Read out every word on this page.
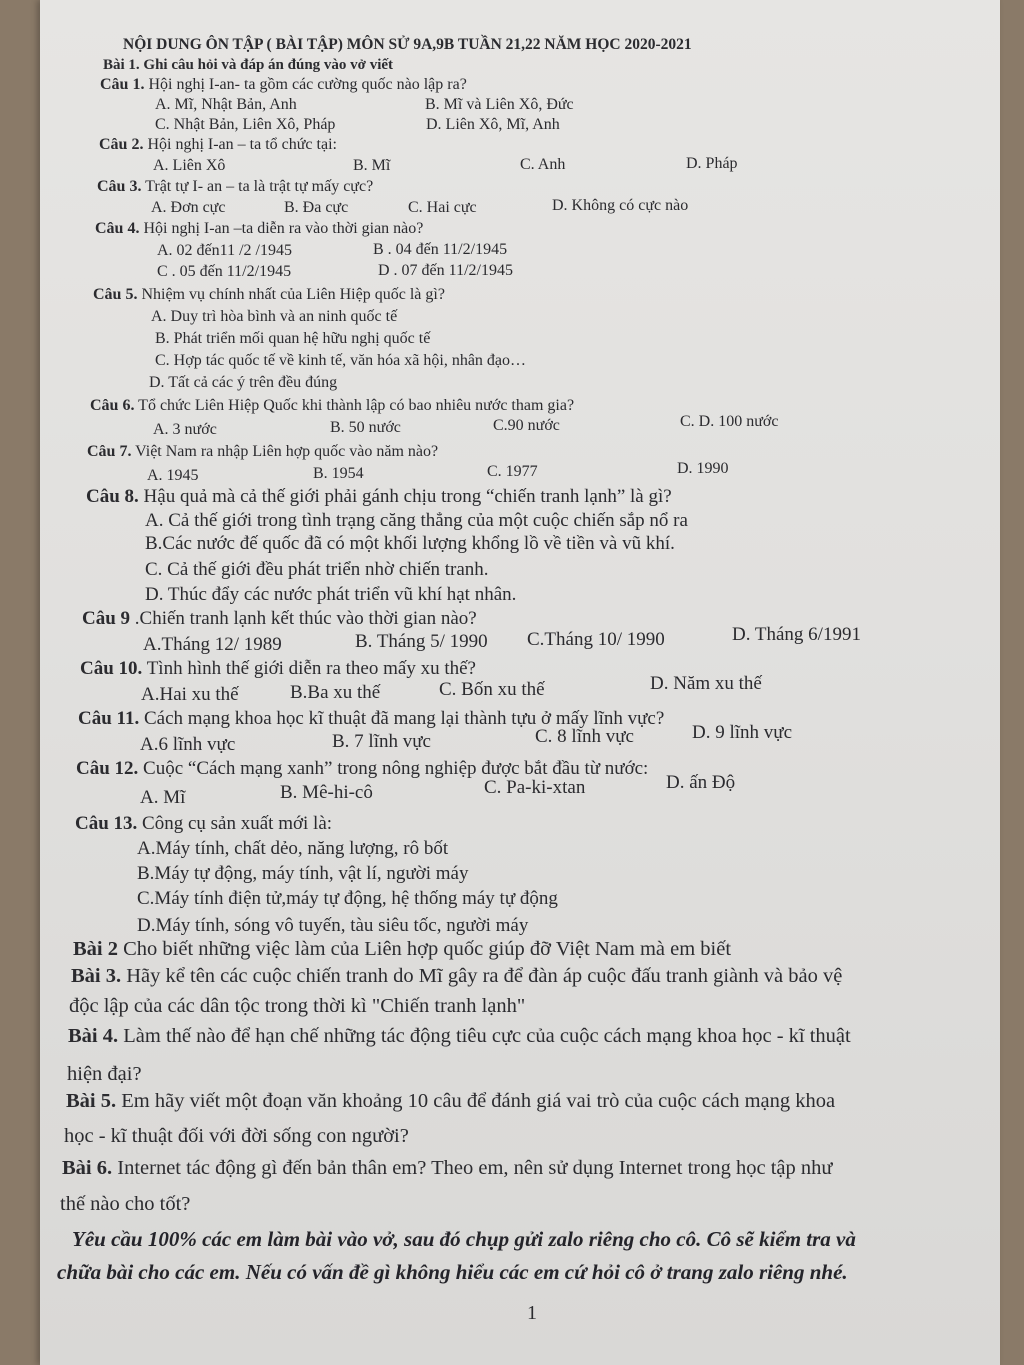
NỘI DUNG ÔN TẬP ( BÀI TẬP) MÔN SỬ 9A,9B TUẦN 21,22 NĂM HỌC 2020-2021
Bài 1. Ghi câu hỏi và đáp án đúng vào vở viết
Câu 1. Hội nghị I-an- ta gồm các cường quốc nào lập ra?
A. Mĩ, Nhật Bản, Anh	B. Mĩ và Liên Xô, Đức
C. Nhật Bản, Liên Xô, Pháp	D. Liên Xô, Mĩ, Anh
Câu 2. Hội nghị I-an – ta tổ chức tại:
A. Liên Xô	B. Mĩ	C. Anh	D. Pháp
Câu 3. Trật tự I- an – ta là trật tự mấy cực?
A. Đơn cực	B. Đa cực	C. Hai cực	D. Không có cực nào
Câu 4. Hội nghị I-an –ta diễn ra vào thời gian nào?
A. 02 đến11 /2 /1945	B . 04 đến 11/2/1945
C . 05 đến 11/2/1945	D . 07 đến 11/2/1945
Câu 5. Nhiệm vụ chính nhất của Liên Hiệp quốc là gì?
A. Duy trì hòa bình và an ninh quốc tế
B. Phát triển mối quan hệ hữu nghị quốc tế
C. Hợp tác quốc tế về kinh tế, văn hóa xã hội, nhân đạo…
D. Tất cả các ý trên đều đúng
Câu 6. Tổ chức Liên Hiệp Quốc khi thành lập có bao nhiêu nước tham gia?
A. 3 nước	B. 50 nước	C.90 nước	C. D. 100 nước
Câu 7. Việt Nam ra nhập Liên hợp quốc vào năm nào?
A. 1945	B. 1954	C. 1977	D. 1990
Câu 8. Hậu quả mà cả thế giới phải gánh chịu trong “chiến tranh lạnh” là gì?
A. Cả thế giới trong tình trạng căng thẳng của một cuộc chiến sắp nổ ra
B.Các nước đế quốc đã có một khối lượng khổng lồ về tiền và vũ khí.
C. Cả thế giới đều phát triển nhờ chiến tranh.
D. Thúc đẩy các nước phát triển vũ khí hạt nhân.
Câu 9 .Chiến tranh lạnh kết thúc vào thời gian nào?
A.Tháng 12/ 1989	B. Tháng 5/ 1990 C.Tháng 10/ 1990	D. Tháng 6/1991
Câu 10. Tình hình thế giới diễn ra theo mấy xu thế?
A.Hai xu thế	B.Ba xu thế	C. Bốn xu thế	D. Năm xu thế
Câu 11. Cách mạng khoa học kĩ thuật đã mang lại thành tựu ở mấy lĩnh vực?
A.6 lĩnh vực	B. 7 lĩnh vực	C. 8 lĩnh vực	D. 9 lĩnh vực
Câu 12. Cuộc “Cách mạng xanh” trong nông nghiệp được bắt đầu từ nước:
A. Mĩ	B. Mê-hi-cô	C. Pa-ki-xtan	D. ấn Độ
Câu 13. Công cụ sản xuất mới là:
A.Máy tính, chất dẻo, năng lượng, rô bốt
B.Máy tự động, máy tính, vật lí, người máy
C.Máy tính điện tử,máy tự động, hệ thống máy tự động
D.Máy tính, sóng vô tuyến, tàu siêu tốc, người máy
Bài 2 Cho biết những việc làm của Liên hợp quốc giúp đỡ Việt Nam mà em biết
Bài 3. Hãy kể tên các cuộc chiến tranh do Mĩ gây ra để đàn áp cuộc đấu tranh giành và bảo vệ
độc lập của các dân tộc trong thời kì "Chiến tranh lạnh"
Bài 4. Làm thế nào để hạn chế những tác động tiêu cực của cuộc cách mạng khoa học - kĩ thuật
hiện đại?
Bài 5. Em hãy viết một đoạn văn khoảng 10 câu để đánh giá vai trò của cuộc cách mạng khoa
học - kĩ thuật đối với đời sống con người?
Bài 6. Internet tác động gì đến bản thân em? Theo em, nên sử dụng Internet trong học tập như
thế nào cho tốt?
Yêu cầu 100% các em làm bài vào vở, sau đó chụp gửi zalo riêng cho cô. Cô sẽ kiểm tra và
chữa bài cho các em. Nếu có vấn đề gì không hiểu các em cứ hỏi cô ở trang zalo riêng nhé.
1
